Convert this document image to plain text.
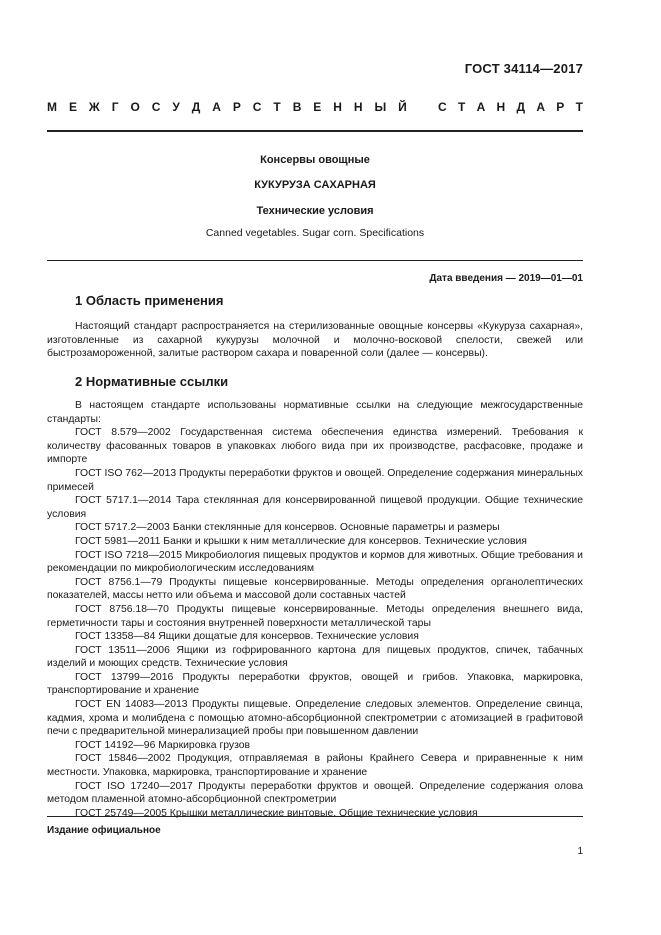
ГОСТ 34114—2017
М Е Ж Г О С У Д А Р С Т В Е Н Н Ы Й	С Т А Н Д А Р Т
Консервы овощные
КУКУРУЗА САХАРНАЯ
Технические условия
Canned vegetables. Sugar corn. Specifications
Дата введения — 2019—01—01
1 Область применения

Настоящий стандарт распространяется на стерилизованные овощные консервы «Кукуруза сахарная», изготовленные из сахарной кукурузы молочной и молочно-восковой спелости, свежей или быстрозамороженной, залитые раствором сахара и поваренной соли (далее — консервы).

2 Нормативные ссылки

В настоящем стандарте использованы нормативные ссылки на следующие межгосударственные стандарты:

ГОСТ 8.579—2002 Государственная система обеспечения единства измерений. Требования к количеству фасованных товаров в упаковках любого вида при их производстве, расфасовке, продаже и импорте

ГОСТ ISO 762—2013 Продукты переработки фруктов и овощей. Определение содержания минеральных примесей

ГОСТ 5717.1—2014 Тара стеклянная для консервированной пищевой продукции. Общие технические условия

ГОСТ 5717.2—2003 Банки стеклянные для консервов. Основные параметры и размеры

ГОСТ 5981—2011 Банки и крышки к ним металлические для консервов. Технические условия

ГОСТ ISO 7218—2015 Микробиология пищевых продуктов и кормов для животных. Общие требования и рекомендации по микробиологическим исследованиям

ГОСТ 8756.1—79 Продукты пищевые консервированные. Методы определения органолептических показателей, массы нетто или объема и массовой доли составных частей

ГОСТ 8756.18—70 Продукты пищевые консервированные. Методы определения внешнего вида, герметичности тары и состояния внутренней поверхности металлической тары

ГОСТ 13358—84 Ящики дощатые для консервов. Технические условия

ГОСТ 13511—2006 Ящики из гофрированного картона для пищевых продуктов, спичек, табачных изделий и моющих средств. Технические условия

ГОСТ 13799—2016 Продукты переработки фруктов, овощей и грибов. Упаковка, маркировка, транспортирование и хранение

ГОСТ EN 14083—2013 Продукты пищевые. Определение следовых элементов. Определение свинца, кадмия, хрома и молибдена с помощью атомно-абсорбционной спектрометрии с атомизацией в графитовой печи с предварительной минерализацией пробы при повышенном давлении

ГОСТ 14192—96 Маркировка грузов

ГОСТ 15846—2002 Продукция, отправляемая в районы Крайнего Севера и приравненные к ним местности. Упаковка, маркировка, транспортирование и хранение

ГОСТ ISO 17240—2017 Продукты переработки фруктов и овощей. Определение содержания олова методом пламенной атомно-абсорбционной спектрометрии

ГОСТ 25749—2005 Крышки металлические винтовые. Общие технические условия

Издание официальное
1
